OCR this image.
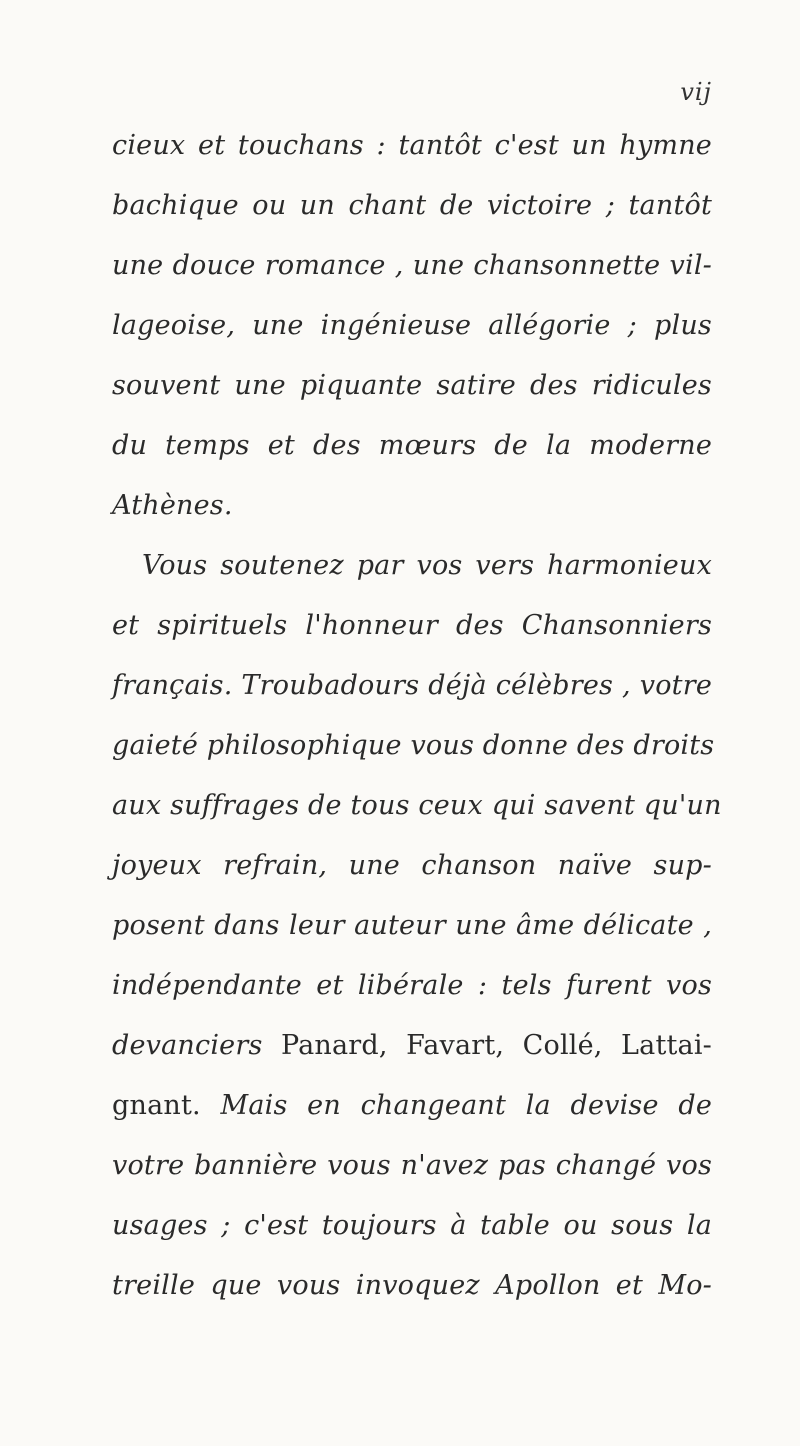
vij
cieux et touchans : tantôt c'est un hymne
bachique ou un chant de victoire ; tantôt
une douce romance , une chansonnette vil-
lageoise, une ingénieuse allégorie ; plus
souvent une piquante satire des ridicules
du temps et des mœurs de la moderne
Athènes.
Vous soutenez par vos vers harmonieux
et spirituels l'honneur des Chansonniers
français. Troubadours déjà célèbres , votre
gaieté philosophique vous donne des droits
aux suffrages de tous ceux qui savent qu'un
joyeux refrain, une chanson naïve sup-
posent dans leur auteur une âme délicate ,
indépendante et libérale : tels furent vos
devanciers Panard, Favart, Collé, Lattai-
gnant. Mais en changeant la devise de
votre bannière vous n'avez pas changé vos
usages ; c'est toujours à table ou sous la
treille que vous invoquez Apollon et Mo-
